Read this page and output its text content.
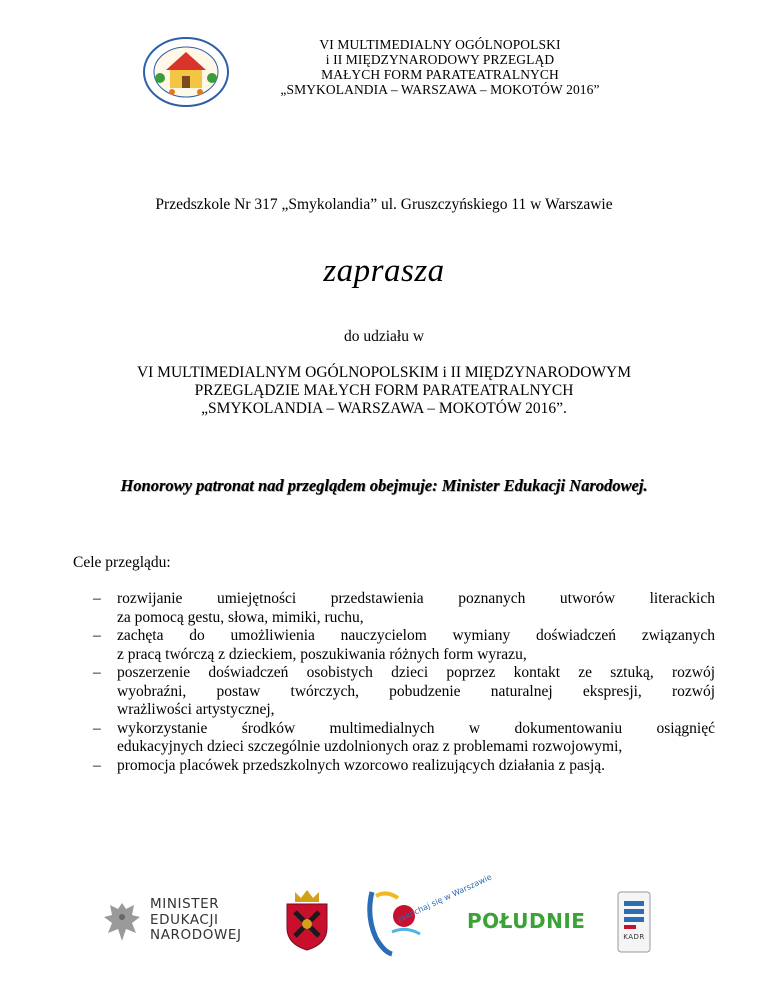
VI MULTIMEDIALNY OGÓLNOPOLSKI
i II MIĘDZYNARODOWY PRZEGLĄD
MAŁYCH FORM PARATEATRALNYCH
„SMYKOLANDIA – WARSZAWA – MOKOTÓW 2016”
Przedszkole Nr 317 „Smykolandia” ul. Gruszczyńskiego 11 w Warszawie
zaprasza
do udziału w
VI MULTIMEDIALNYM OGÓLNOPOLSKIM i II MIĘDZYNARODOWYM
PRZEGLĄDZIE MAŁYCH FORM PARATEATRALNYCH
„SMYKOLANDIA – WARSZAWA – MOKOTÓW 2016”.
Honorowy patronat nad przeglądem obejmuje: Minister Edukacji Narodowej.
Cele przeglądu:
– rozwijanie umiejętności przedstawienia poznanych utworów literackich
za pomocą gestu, słowa, mimiki, ruchu,
– zachęta do umożliwienia nauczycielom wymiany doświadczeń związanych
z pracą twórczą z dzieckiem, poszukiwania różnych form wyrazu,
– poszerzenie doświadczeń osobistych dzieci poprzez kontakt ze sztuką, rozwój
wyobraźni, postaw twórczych, pobudzenie naturalnej ekspresji, rozwój
wrażliwości artystycznej,
– wykorzystanie środków multimedialnych w dokumentowaniu osiągnięć
edukacyjnych dzieci szczególnie uzdolnionych oraz z problemami rozwojowymi,
– promocja placówek przedszkolnych wzorcowo realizujących działania z pasją.
MINISTER
EDUKACJI
NARODOWEJ
zakochaj się w Warszawie
POŁUDNIE
KADR
